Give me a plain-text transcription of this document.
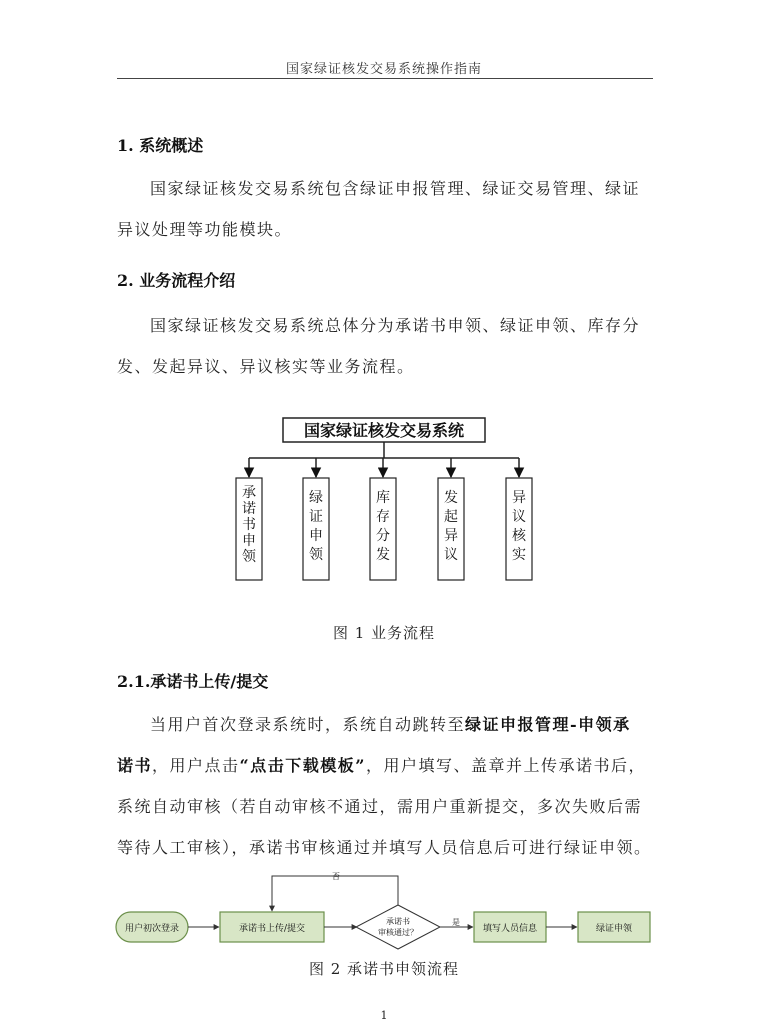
国家绿证核发交易系统操作指南
1. 系统概述
国家绿证核发交易系统包含绿证申报管理、绿证交易管理、绿证
异议处理等功能模块。
2. 业务流程介绍
国家绿证核发交易系统总体分为承诺书申领、绿证申领、库存分
发、发起异议、异议核实等业务流程。
国家绿证核发交易系统
承诺书申领
绿证申领
库存分发
发起异议
异议核实
用户初次登录	承诺书上传/提交
承诺书
审核通过？
否
是
填写人员信息	绿证申领
图 1 业务流程
2.1.承诺书上传/提交
当用户首次登录系统时，系统自动跳转至绿证申报管理-申领承
诺书，用户点击“点击下载模板”，用户填写、盖章并上传承诺书后，
系统自动审核（若自动审核不通过，需用户重新提交，多次失败后需
等待人工审核），承诺书审核通过并填写人员信息后可进行绿证申领。
图 2 承诺书申领流程
1
